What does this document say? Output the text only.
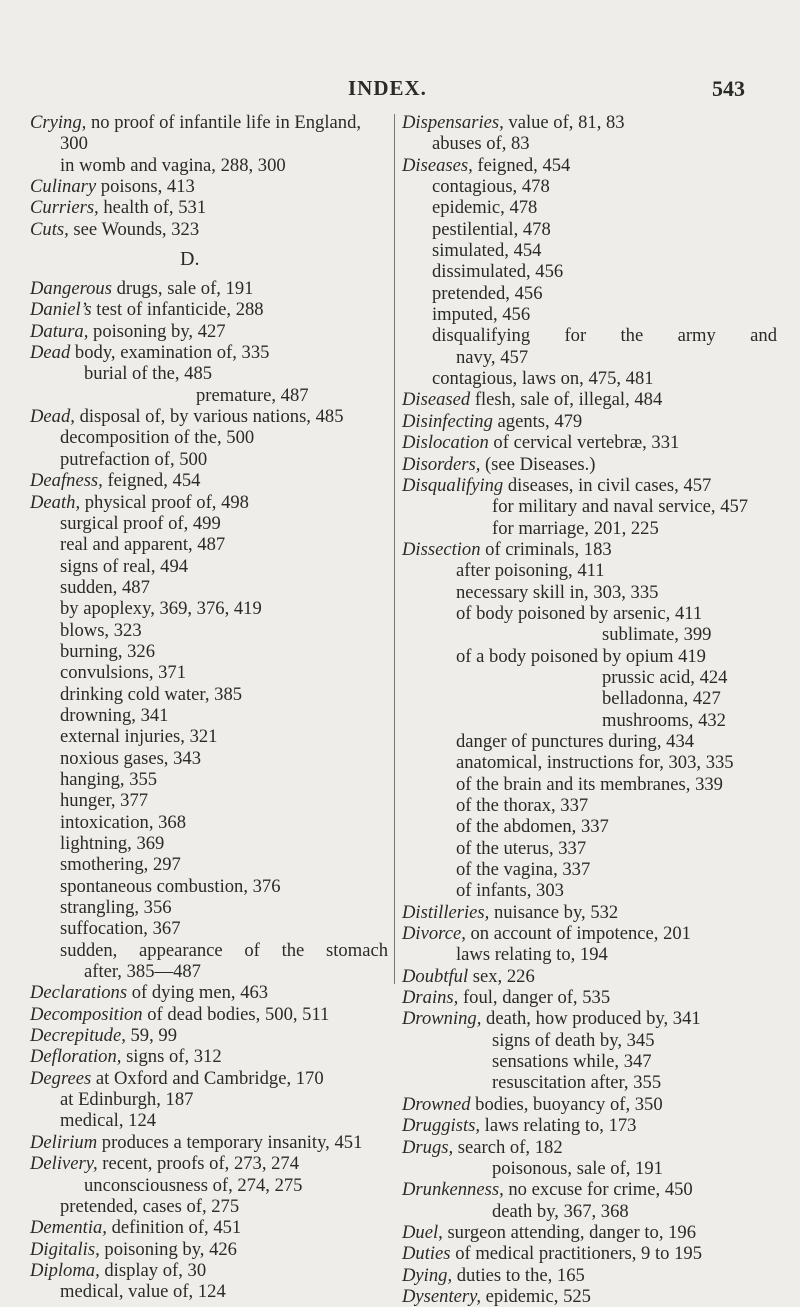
INDEX.	543
Crying, no proof of infantile life in England,
300
in womb and vagina, 288, 300
Culinary poisons, 413
Curriers, health of, 531
Cuts, see Wounds, 323
D.
Dangerous drugs, sale of, 191
Daniel’s test of infanticide, 288
Datura, poisoning by, 427
Dead body, examination of, 335
burial of the, 485
premature, 487
Dead, disposal of, by various nations, 485
decomposition of the, 500
putrefaction of, 500
Deafness, feigned, 454
Death, physical proof of, 498
surgical proof of, 499
real and apparent, 487
signs of real, 494
sudden, 487
by apoplexy, 369, 376, 419
blows, 323
burning, 326
convulsions, 371
drinking cold water, 385
drowning, 341
external injuries, 321
noxious gases, 343
hanging, 355
hunger, 377
intoxication, 368
lightning, 369
smothering, 297
spontaneous combustion, 376
strangling, 356
suffocation, 367
sudden, appearance of the stomach
after, 385—487
Declarations of dying men, 463
Decomposition of dead bodies, 500, 511
Decrepitude, 59, 99
Defloration, signs of, 312
Degrees at Oxford and Cambridge, 170
at Edinburgh, 187
medical, 124
Delirium produces a temporary insanity, 451
Delivery, recent, proofs of, 273, 274
unconsciousness of, 274, 275
pretended, cases of, 275
Dementia, definition of, 451
Digitalis, poisoning by, 426
Diploma, display of, 30
medical, value of, 124
Dispensaries, value of, 81, 83
abuses of, 83
Diseases, feigned, 454
contagious, 478
epidemic, 478
pestilential, 478
simulated, 454
dissimulated, 456
pretended, 456
imputed, 456
disqualifying for the army and
navy, 457
contagious, laws on, 475, 481
Diseased flesh, sale of, illegal, 484
Disinfecting agents, 479
Dislocation of cervical vertebræ, 331
Disorders, (see Diseases.)
Disqualifying diseases, in civil cases, 457
for military and naval service, 457
for marriage, 201, 225
Dissection of criminals, 183
after poisoning, 411
necessary skill in, 303, 335
of body poisoned by arsenic, 411
sublimate, 399
of a body poisoned by opium 419
prussic acid, 424
belladonna, 427
mushrooms, 432
danger of punctures during, 434
anatomical, instructions for, 303, 335
of the brain and its membranes, 339
of the thorax, 337
of the abdomen, 337
of the uterus, 337
of the vagina, 337
of infants, 303
Distilleries, nuisance by, 532
Divorce, on account of impotence, 201
laws relating to, 194
Doubtful sex, 226
Drains, foul, danger of, 535
Drowning, death, how produced by, 341
signs of death by, 345
sensations while, 347
resuscitation after, 355
Drowned bodies, buoyancy of, 350
Druggists, laws relating to, 173
Drugs, search of, 182
poisonous, sale of, 191
Drunkenness, no excuse for crime, 450
death by, 367, 368
Duel, surgeon attending, danger to, 196
Duties of medical practitioners, 9 to 195
Dying, duties to the, 165
Dysentery, epidemic, 525
